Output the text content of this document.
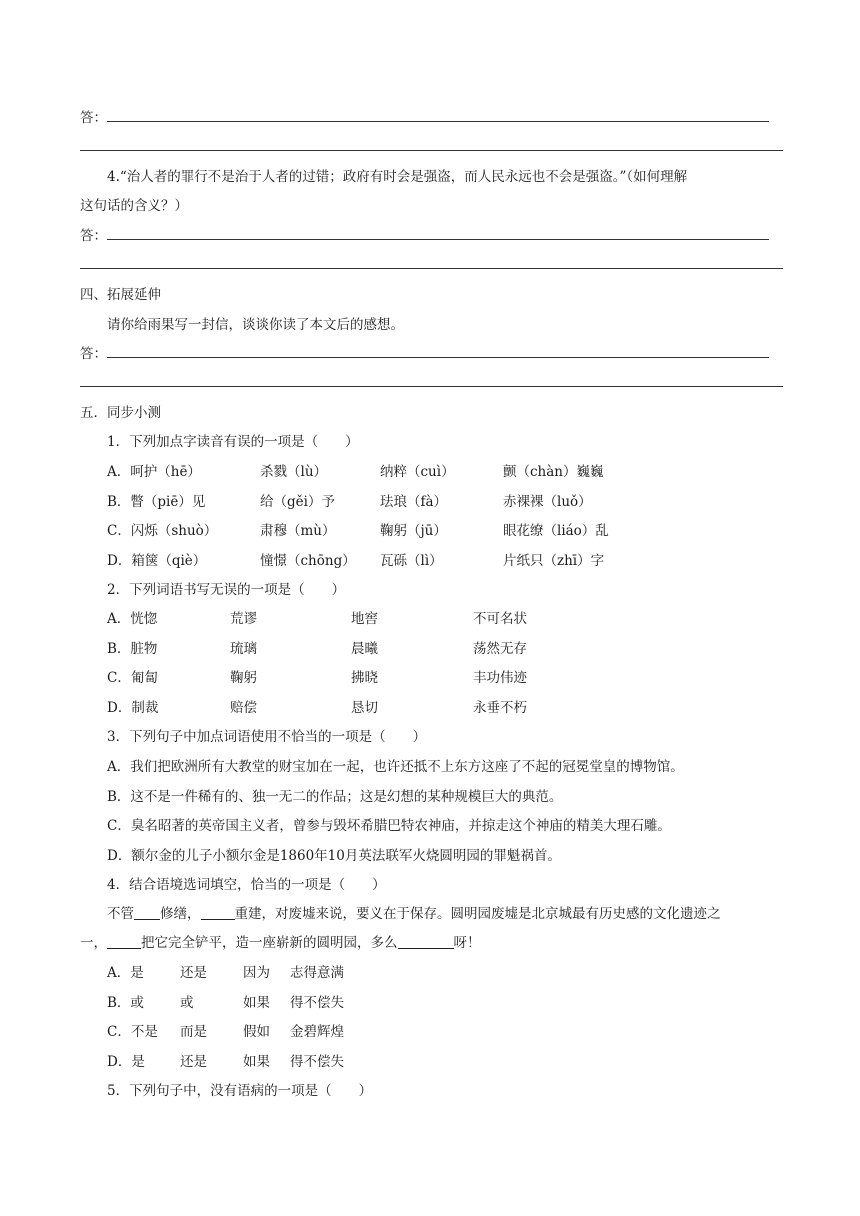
答：
4.“治人者的罪行不是治于人者的过错；政府有时会是强盗，而人民永远也不会是强盗。”（如何理解
这句话的含义？）
答：
四、拓展延伸
请你给雨果写一封信，谈谈你读了本文后的感想。
答：
五．同步小测
1．下列加点字读音有误的一项是（　　）
A．呵护（hē）	杀戮（lù）	纳粹（cuì）	颤（chàn）巍巍
B．瞥（piē）见	给（gěi）予	珐琅（fà）	赤裸裸（luǒ）
C．闪烁（shuò）	肃穆（mù）	鞠躬（jū）	眼花缭（liáo）乱
D．箱箧（qiè）	憧憬（chōng） 瓦砾（lì）	片纸只（zhī）字
2．下列词语书写无误的一项是（　　）
A．恍惚	荒谬	地窖	不可名状
B．脏物	琉璃	晨曦	荡然无存
C．匍匐	鞠躬	拂晓	丰功伟迹
D．制裁	赔偿	恳切	永垂不朽
3．下列句子中加点词语使用不恰当的一项是（　　）
A．我们把欧洲所有大教堂的财宝加在一起，也许还抵不上东方这座了不起的冠冕堂皇的博物馆。
B．这不是一件稀有的、独一无二的作品；这是幻想的某种规模巨大的典范。
C．臭名昭著的英帝国主义者，曾参与毁坏希腊巴特农神庙，并掠走这个神庙的精美大理石雕。
D．额尔金的儿子小额尔金是1860年10月英法联军火烧圆明园的罪魁祸首。
4．结合语境选词填空，恰当的一项是（　　）
不管 修缮，	重建，对废墟来说，要义在于保存。圆明园废墟是北京城最有历史感的文化遗迹之
一，	把它完全铲平，造一座崭新的圆明园，多么	呀！
A．是	还是	因为 志得意满
B．或	或	如果 得不偿失
C．不是 而是	假如 金碧辉煌
D．是	还是	如果 得不偿失
5．下列句子中，没有语病的一项是（　　）
